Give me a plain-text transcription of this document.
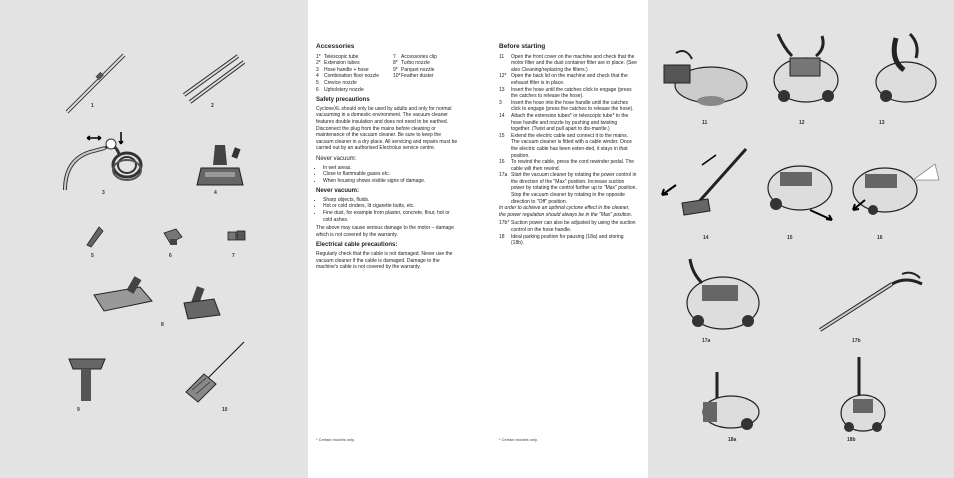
1	2
3	4
5	6	7
8
9	10
Accessories
1* Telescopic tube
2* Extension tubes
3	Hose handle + hose
4	Combination floor nozzle
5	Crevice nozzle
6	Upholstery nozzle
7	Accessories clip
8* Turbo nozzle
9* Parquet nozzle
10* Feather duster
Safety precautions

CycloneXL should only be used by adults and only for normal vacuuming in a domestic environment. The vacuum cleaner features double insulation and does not need to be earthed. Disconnect the plug from the mains before cleaning or maintenance of the vacuum cleaner. Be sure to keep the vacuum cleaner in a dry place. All servicing and repairs must be carried out by an authorised Electrolux service centre.

Never vacuum:
• In wet areas.
• Close to flammable gases etc.
• When housing shows visible signs of damage.
Never vacuum:
• Sharp objects, fluids.
• Hot or cold cinders, lit cigarette butts, etc.
• Fine dust, for example from plaster, concrete, flour, hot or cold ashes.

The above may cause serious damage to the motor – damage which is not covered by the warranty.

Electrical cable precautions:

Regularly check that the cable is not damaged. Never use the vacuum cleaner if the cable is damaged. Damage to the machine's cable is not covered by the warranty.

* Certain models only.
Before starting
11	Open the front cover on the machine and check that the motor filter and the dust container filter are in place. (See also Cleaning/replacing the filters.)
12* Open the back lid on the machine and check that the exhaust filter is in place.
13	Insert the hose until the catches click to engage (press the catches to release the hose).
3	Insert the hose into the hose handle until the catches click to engage (press the catches to release the hose).
14	Attach the extension tubes* or telescopic tube* to the hose handle and nozzle by pushing and twisting together. (Twist and pull apart to dis-mantle.)
15	Extend the electric cable and connect it to the mains. The vacuum cleaner is fitted with a cable winder. Once the electric cable has been exten-ded, it stays in that position.
16	To rewind the cable, press the cord rewinder pedal. The cable will then rewind.
17a Start the vacuum cleaner by rotating the power control in the direction of the "Max" position. Increase suction power by rotating the control further up to "Max" position. Stop the vacuum cleaner by rotating in the opposite direction to "Off" position.

In order to achieve an optimal cyclone effect in the cleaner, the power regulation should always be in the "Max" position.

17b* Suction power can also be adjusted by using the suction control on the hose handle.
18	Ideal parking position for pausing (18a) and storing (18b).
* Certain models only.
11	12	13
14	15	16
17a	17b
18a	18b
